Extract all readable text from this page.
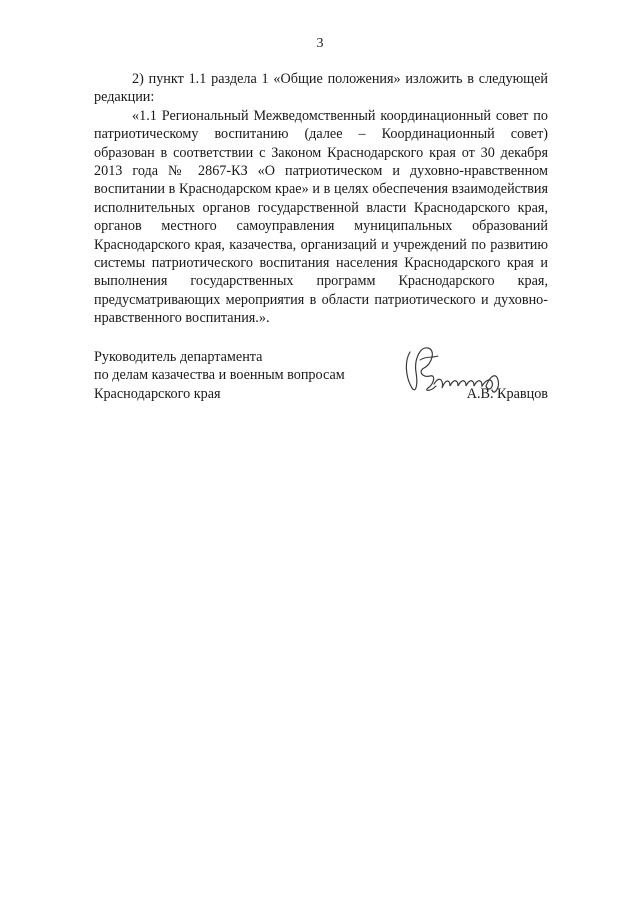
3

2) пункт 1.1 раздела 1 «Общие положения» изложить в следующей редакции:

«1.1 Региональный Межведомственный координационный совет по патриотическому воспитанию (далее – Координационный совет) образован в соответствии с Законом Краснодарского края от 30 декабря 2013 года № 2867-КЗ «О патриотическом и духовно-нравственном воспитании в Краснодарском крае» и в целях обеспечения взаимодействия исполнительных органов государственной власти Краснодарского края, органов местного самоуправления муниципальных образований Краснодарского края, казачества, организаций и учреждений по развитию системы патриотического воспитания населения Краснодарского края и выполнения государственных программ Краснодарского края, предусматривающих мероприятия в области патриотического и духовно-нравственного воспитания.».

Руководитель департамента
по делам казачества и военным вопросам
Краснодарского края	А.В. Кравцов
